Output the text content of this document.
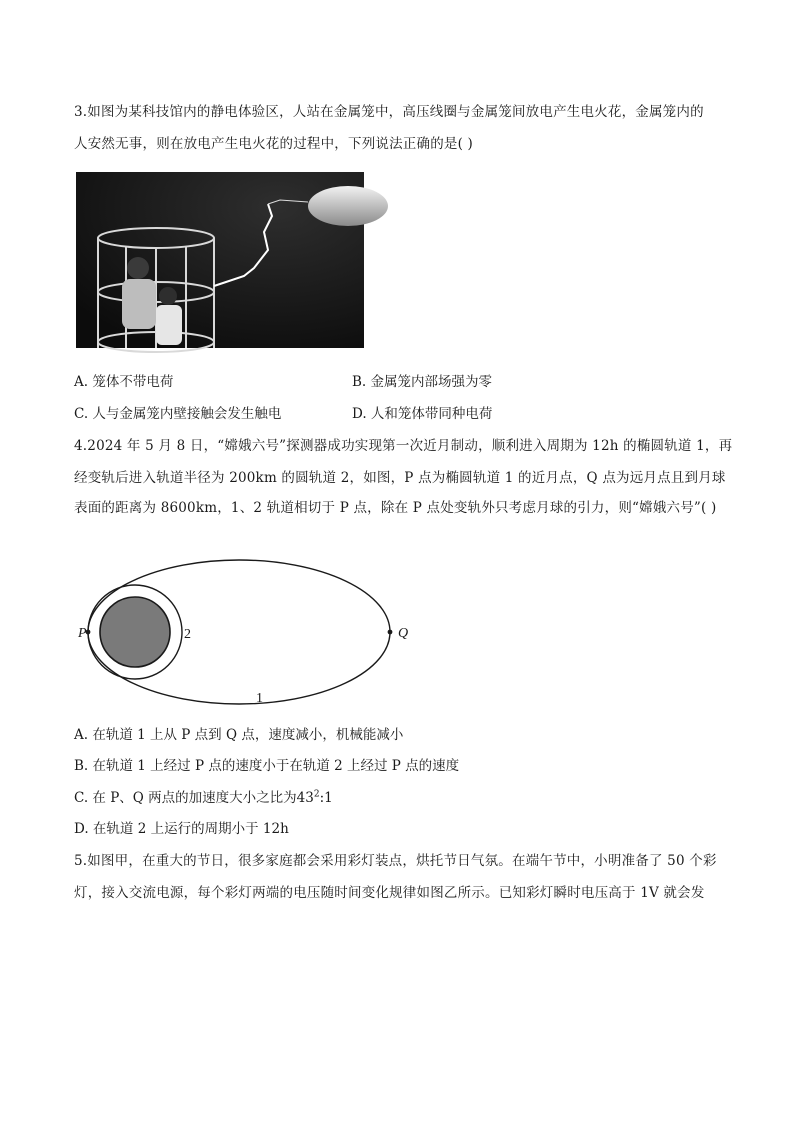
3.如图为某科技馆内的静电体验区，人站在金属笼中，高压线圈与金属笼间放电产生电火花，金属笼内的
人安然无事，则在放电产生电火花的过程中，下列说法正确的是( )
A. 笼体不带电荷	B. 金属笼内部场强为零
C. 人与金属笼内壁接触会发生触电	D. 人和笼体带同种电荷
4.2024 年 5 月 8 日，“嫦娥六号”探测器成功实现第一次近月制动，顺利进入周期为 12h 的椭圆轨道 1，再
经变轨后进入轨道半径为 200km 的圆轨道 2，如图，P 点为椭圆轨道 1 的近月点，Q 点为远月点且到月球
表面的距离为 8600km，1、2 轨道相切于 P 点，除在 P 点处变轨外只考虑月球的引力，则“嫦娥六号”( )
P	Q
2
1
A. 在轨道 1 上从 P 点到 Q 点，速度减小，机械能减小
B. 在轨道 1 上经过 P 点的速度小于在轨道 2 上经过 P 点的速度
C. 在 P、Q 两点的加速度大小之比为$43^2:1$
D. 在轨道 2 上运行的周期小于 12h
5.如图甲，在重大的节日，很多家庭都会采用彩灯装点，烘托节日气氛。在端午节中，小明准备了 50 个彩
灯，接入交流电源，每个彩灯两端的电压随时间变化规律如图乙所示。已知彩灯瞬时电压高于 1V 就会发
